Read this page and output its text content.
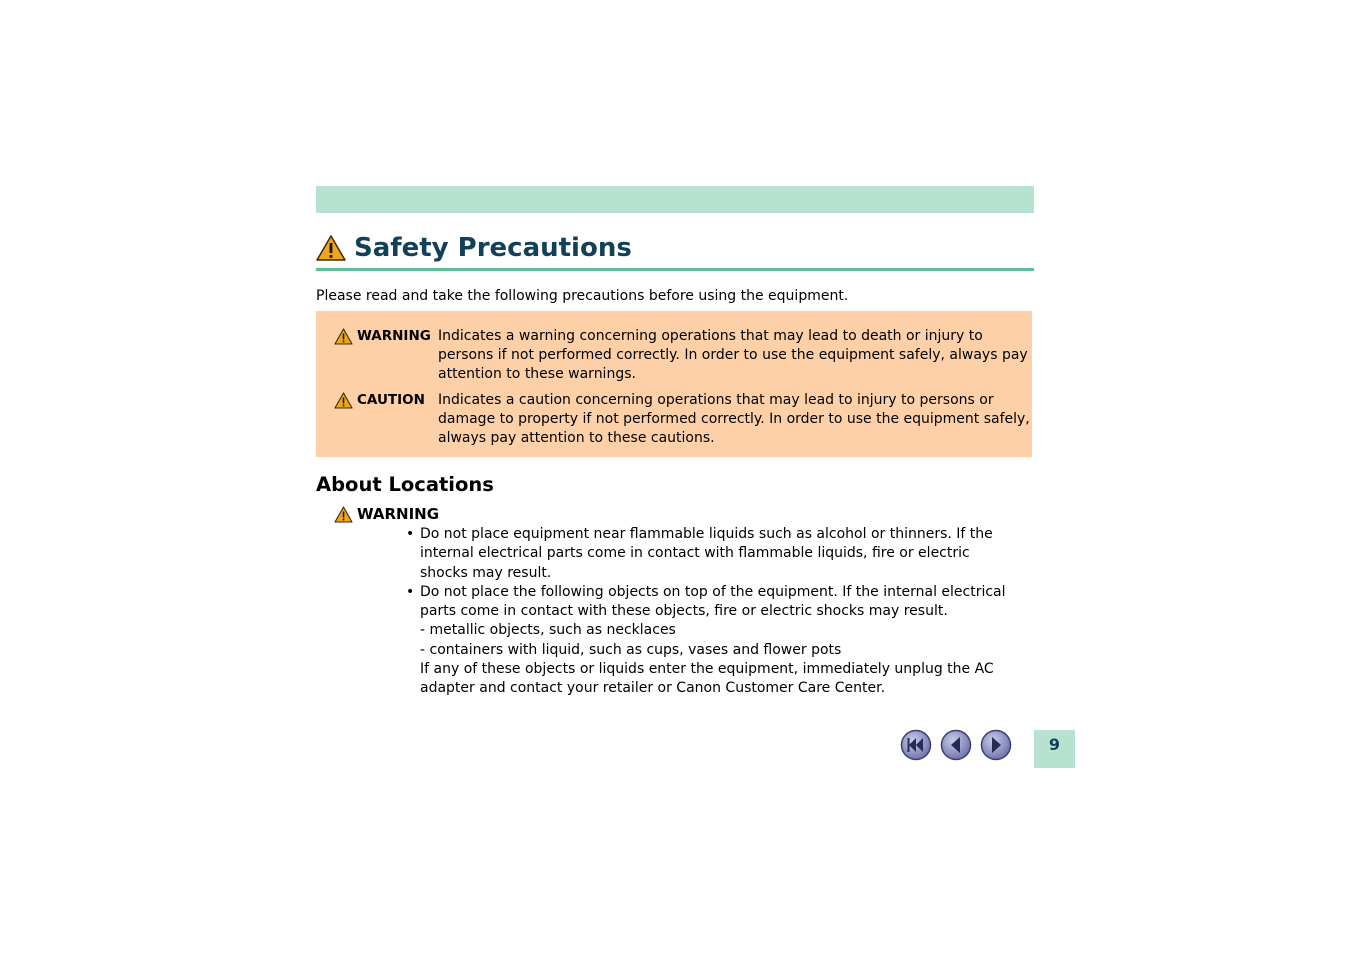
Safety Precautions
Please read and take the following precautions before using the equipment.
WARNING Indicates a warning concerning operations that may lead to death or injury to persons if not performed correctly. In order to use the equipment safely, always pay attention to these warnings.
CAUTION Indicates a caution concerning operations that may lead to injury to persons or damage to property if not performed correctly. In order to use the equipment safely, always pay attention to these cautions.
About Locations
WARNING
• Do not place equipment near flammable liquids such as alcohol or thinners. If the internal electrical parts come in contact with flammable liquids, fire or electric shocks may result.
• Do not place the following objects on top of the equipment. If the internal electrical parts come in contact with these objects, fire or electric shocks may result.
- metallic objects, such as necklaces
- containers with liquid, such as cups, vases and flower pots
If any of these objects or liquids enter the equipment, immediately unplug the AC adapter and contact your retailer or Canon Customer Care Center.
9
